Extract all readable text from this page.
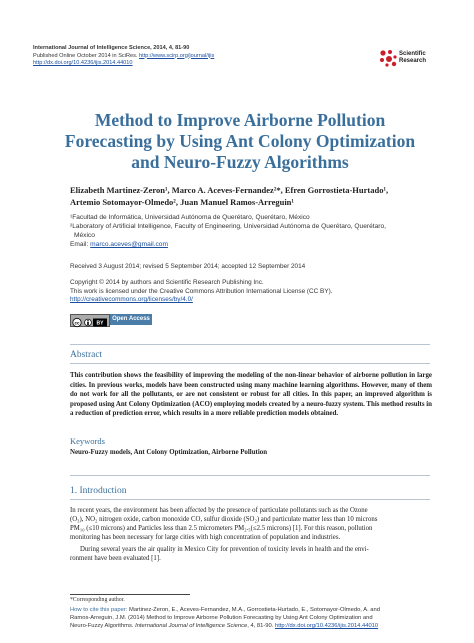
International Journal of Intelligence Science, 2014, 4, 81-90
Published Online October 2014 in SciRes. http://www.scirp.org/journal/ijis
http://dx.doi.org/10.4236/ijis.2014.44010
Scientific
Research
Method to Improve Airborne Pollution Forecasting by Using Ant Colony Optimization and Neuro-Fuzzy Algorithms
Elizabeth Martinez-Zeron¹, Marco A. Aceves-Fernandez²*, Efren Gorrostieta-Hurtado¹,
Artemio Sotomayor-Olmedo², Juan Manuel Ramos-Arreguin¹
¹Facultad de Informática, Universidad Autónoma de Querétaro, Querétaro, México
²Laboratory of Artificial Intelligence, Faculty of Engineering, Universidad Autónoma de Querétaro, Querétaro,
México
Email: marco.aceves@gmail.com
Received 3 August 2014; revised 5 September 2014; accepted 12 September 2014
Copyright © 2014 by authors and Scientific Research Publishing Inc.
This work is licensed under the Creative Commons Attribution International License (CC BY).
http://creativecommons.org/licenses/by/4.0/
cc	BY
Open Access
Abstract
This contribution shows the feasibility of improving the modeling of the non-linear behavior of airborne pollution in large cities. In previous works, models have been constructed using many machine learning algorithms. However, many of them do not work for all the pollutants, or are not consistent or robust for all cities. In this paper, an improved algorithm is proposed using Ant Colony Optimization (ACO) employing models created by a neuro-fuzzy system. This method results in a reduction of prediction error, which results in a more reliable prediction models obtained.
Keywords
Neuro-Fuzzy models, Ant Colony Optimization, Airborne Pollution
1. Introduction
In recent years, the environment has been affected by the presence of particulate pollutants such as the Ozone
(O₃), NO₂ nitrogen oxide, carbon monoxide CO, sulfur dioxide (SO₂) and particulate matter less than 10 microns
PM₁₀ (≤10 microns) and Particles less than 2.5 micrometers PM₂.₅(≤2.5 microns) [1]. For this reason, pollution
monitoring has been necessary for large cities with high concentration of population and industries.
During several years the air quality in Mexico City for prevention of toxicity levels in health and the envi-
ronment have been evaluated [1].
*Corresponding author.
How to cite this paper: Martinez-Zeron, E., Aceves-Fernandez, M.A., Gorrostieta-Hurtado, E., Sotomayor-Olmedo, A. and
Ramos-Arreguin, J.M. (2014) Method to Improve Airborne Pollution Forecasting by Using Ant Colony Optimization and
Neuro-Fuzzy Algorithms. International Journal of Intelligence Science, 4, 81-90. http://dx.doi.org/10.4236/ijis.2014.44010
